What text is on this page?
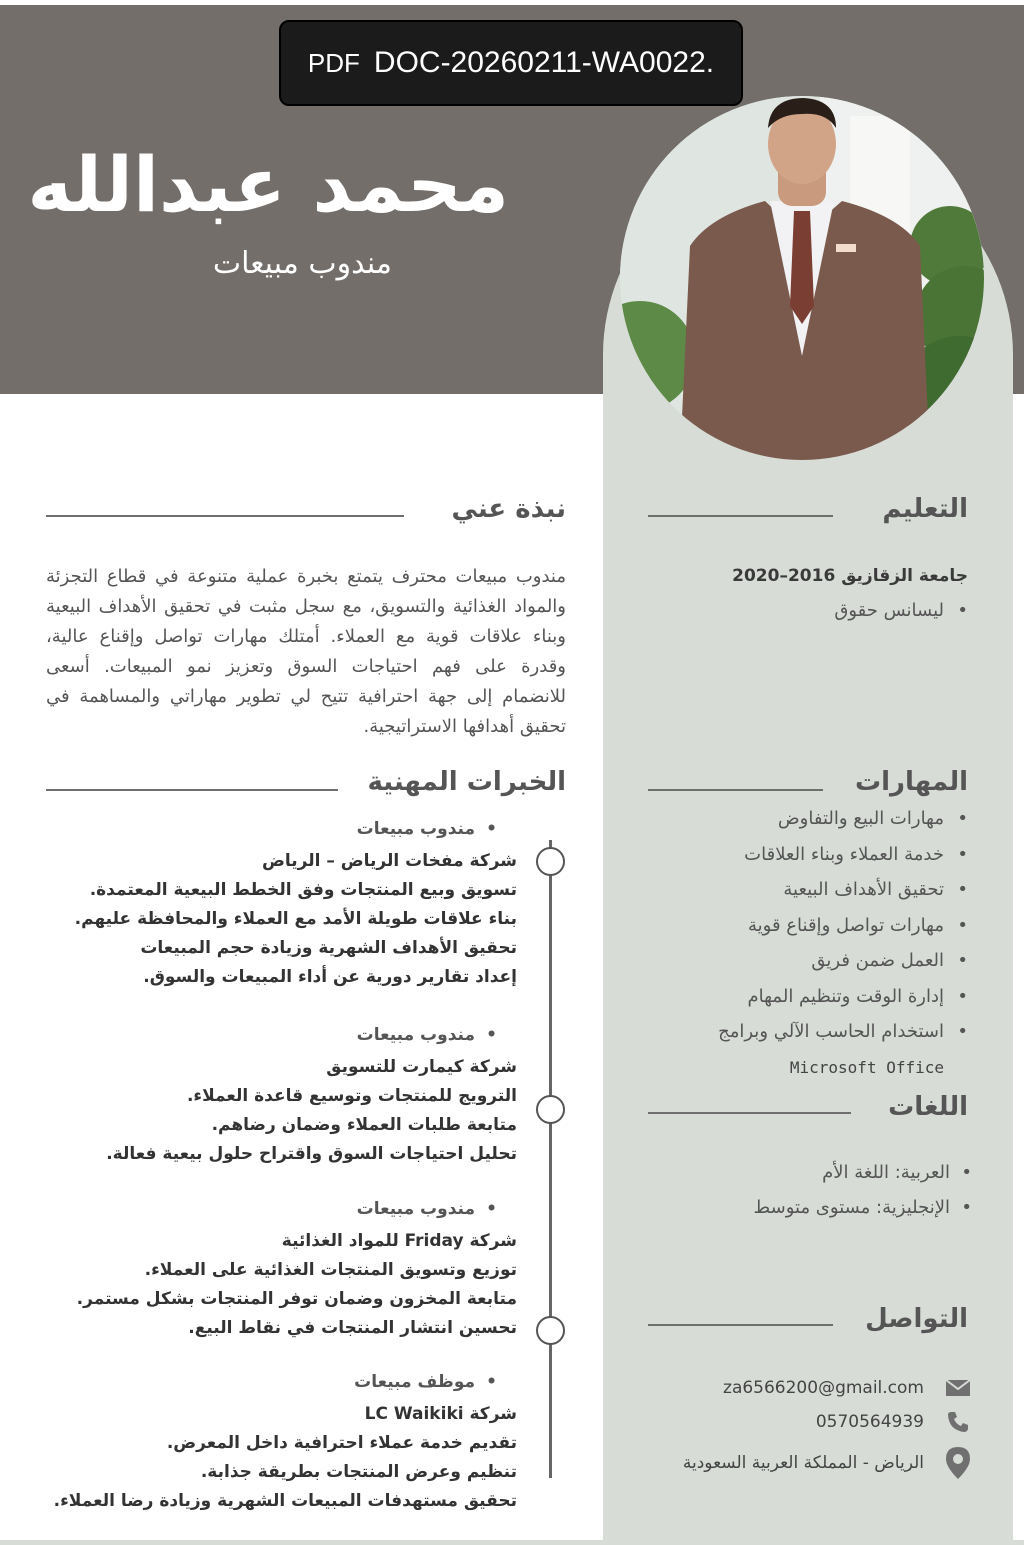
PDF DOC-20260211-WA0022.
محمد عبدالله
مندوب مبيعات
نبذة عني
مندوب مبيعات محترف يتمتع بخبرة عملية متنوعة في قطاع التجزئة والمواد الغذائية والتسويق، مع سجل مثبت في تحقيق الأهداف البيعية وبناء علاقات قوية مع العملاء. أمتلك مهارات تواصل وإقناع عالية، وقدرة على فهم احتياجات السوق وتعزيز نمو المبيعات. أسعى للانضمام إلى جهة احترافية تتيح لي تطوير مهاراتي والمساهمة في تحقيق أهدافها الاستراتيجية.
التعليم
جامعة الزقازيق 2016–2020
ليسانس حقوق •
المهارات
مهارات البيع والتفاوض •
خدمة العملاء وبناء العلاقات •
تحقيق الأهداف البيعية •
مهارات تواصل وإقناع قوية •
العمل ضمن فريق •
إدارة الوقت وتنظيم المهام •
استخدام الحاسب الآلي وبرامج •
Microsoft Office
اللغات
العربية: اللغة الأم •
الإنجليزية: مستوى متوسط •
التواصل
za6566200@gmail.com
0570564939
الرياض - المملكة العربية السعودية
الخبرات المهنية
مندوب مبيعات •
شركة مفخات الرياض – الرياض
تسويق وبيع المنتجات وفق الخطط البيعية المعتمدة.
بناء علاقات طويلة الأمد مع العملاء والمحافظة عليهم.
تحقيق الأهداف الشهرية وزيادة حجم المبيعات
إعداد تقارير دورية عن أداء المبيعات والسوق.
مندوب مبيعات •
شركة كيمارت للتسويق
الترويج للمنتجات وتوسيع قاعدة العملاء.
متابعة طلبات العملاء وضمان رضاهم.
تحليل احتياجات السوق واقتراح حلول بيعية فعالة.
مندوب مبيعات •
شركة Friday للمواد الغذائية
توزيع وتسويق المنتجات الغذائية على العملاء.
متابعة المخزون وضمان توفر المنتجات بشكل مستمر.
تحسين انتشار المنتجات في نقاط البيع.
موظف مبيعات •
شركة LC Waikiki
تقديم خدمة عملاء احترافية داخل المعرض.
تنظيم وعرض المنتجات بطريقة جذابة.
تحقيق مستهدفات المبيعات الشهرية وزيادة رضا العملاء.
